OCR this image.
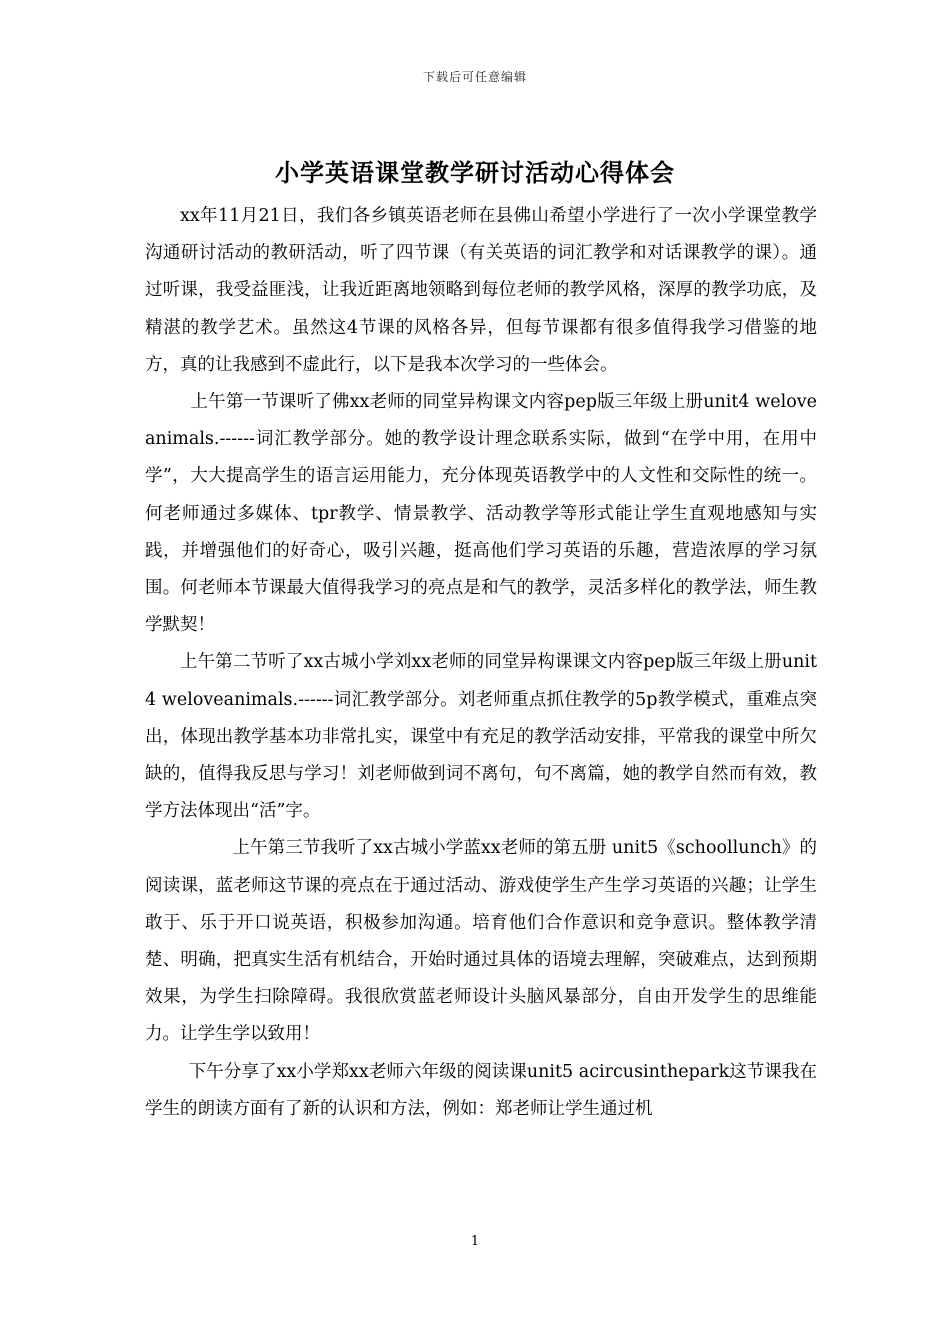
下载后可任意编辑
小学英语课堂教学研讨活动心得体会

xx年11月21日，我们各乡镇英语老师在县佛山希望小学进行了一次小学课堂教学沟通研讨活动的教研活动，听了四节课（有关英语的词汇教学和对话课教学的课）。通过听课，我受益匪浅，让我近距离地领略到每位老师的教学风格，深厚的教学功底，及精湛的教学艺术。虽然这4节课的风格各异，但每节课都有很多值得我学习借鉴的地方，真的让我感到不虚此行，以下是我本次学习的一些体会。

上午第一节课听了佛xx老师的同堂异构课文内容pep版三年级上册unit4 weloveanimals.------词汇教学部分。她的教学设计理念联系实际，做到“在学中用，在用中学”，大大提高学生的语言运用能力，充分体现英语教学中的人文性和交际性的统一。何老师通过多媒体、tpr教学、情景教学、活动教学等形式能让学生直观地感知与实践，并增强他们的好奇心，吸引兴趣，挺高他们学习英语的乐趣，营造浓厚的学习氛围。何老师本节课最大值得我学习的亮点是和气的教学，灵活多样化的教学法，师生教学默契！

上午第二节听了xx古城小学刘xx老师的同堂异构课课文内容pep版三年级上册unit4 weloveanimals.------词汇教学部分。刘老师重点抓住教学的5p教学模式，重难点突出，体现出教学基本功非常扎实，课堂中有充足的教学活动安排，平常我的课堂中所欠缺的，值得我反思与学习！刘老师做到词不离句，句不离篇，她的教学自然而有效，教学方法体现出“活”字。

上午第三节我听了xx古城小学蓝xx老师的第五册 unit5《schoollunch》的阅读课，蓝老师这节课的亮点在于通过活动、游戏使学生产生学习英语的兴趣；让学生敢于、乐于开口说英语，积极参加沟通。培育他们合作意识和竞争意识。整体教学清楚、明确，把真实生活有机结合，开始时通过具体的语境去理解，突破难点，达到预期效果，为学生扫除障碍。我很欣赏蓝老师设计头脑风暴部分，自由开发学生的思维能力。让学生学以致用！

下午分享了xx小学郑xx老师六年级的阅读课unit5 acircusinthepark这节课我在学生的朗读方面有了新的认识和方法，例如：郑老师让学生通过机

1
